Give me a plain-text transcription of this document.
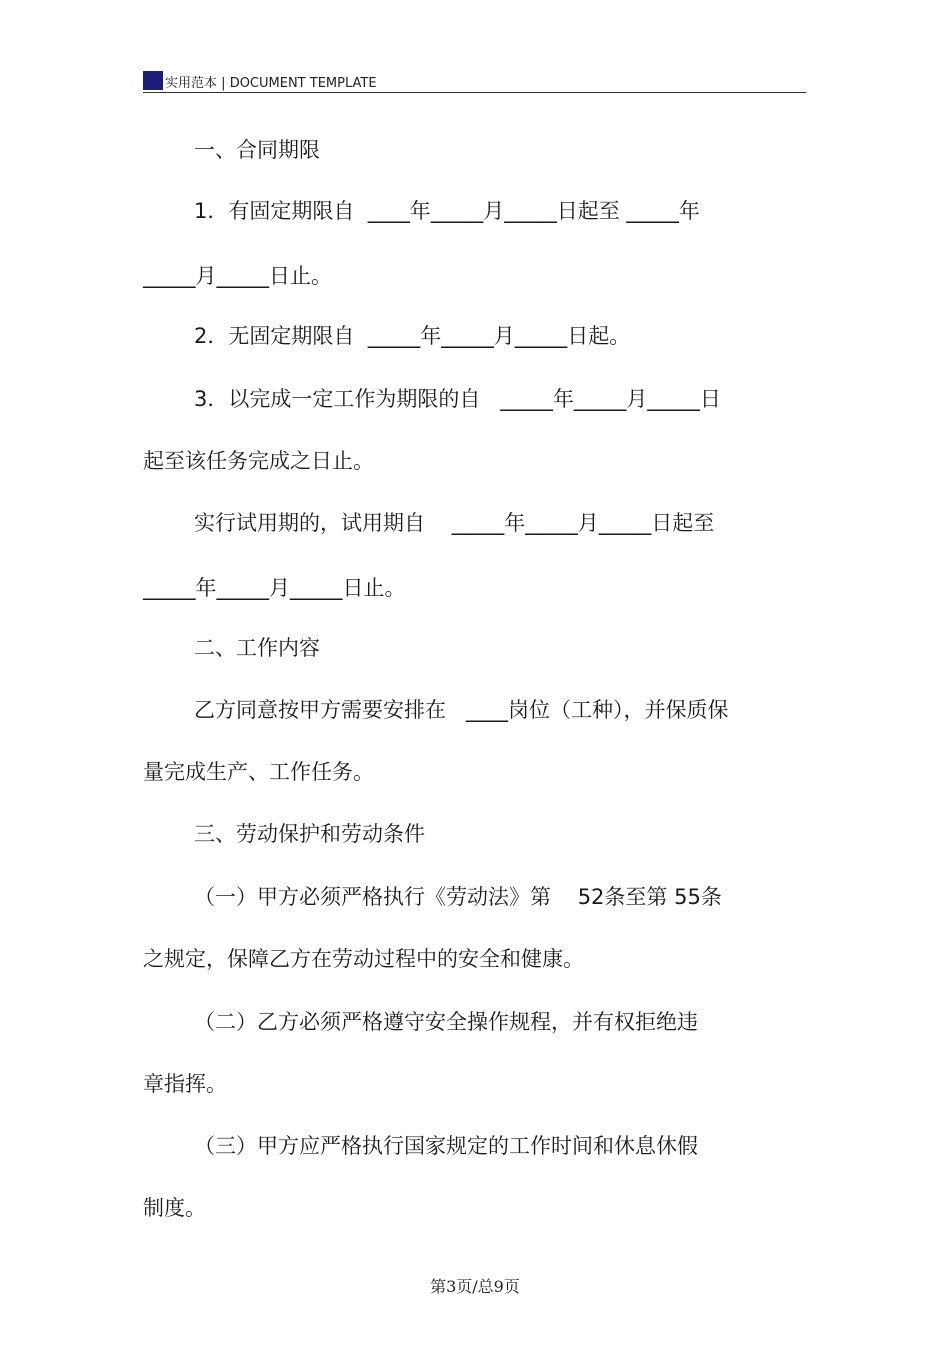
实用范本 | DOCUMENT TEMPLATE
一、合同期限
1．有固定期限自  ____年_____月_____日起至 _____年
_____月_____日止。
2．无固定期限自  _____年_____月_____日起。
3．以完成一定工作为期限的自   _____年_____月_____日
起至该任务完成之日止。
实行试用期的，试用期自    _____年_____月_____日起至
_____年_____月_____日止。
二、工作内容
乙方同意按甲方需要安排在   ____岗位（工种），并保质保
量完成生产、工作任务。
三、劳动保护和劳动条件
（一）甲方必须严格执行《劳动法》第    52条至第 55条
之规定，保障乙方在劳动过程中的安全和健康。
（二）乙方必须严格遵守安全操作规程，并有权拒绝违
章指挥。
（三）甲方应严格执行国家规定的工作时间和休息休假
制度。
第3页/总9页
